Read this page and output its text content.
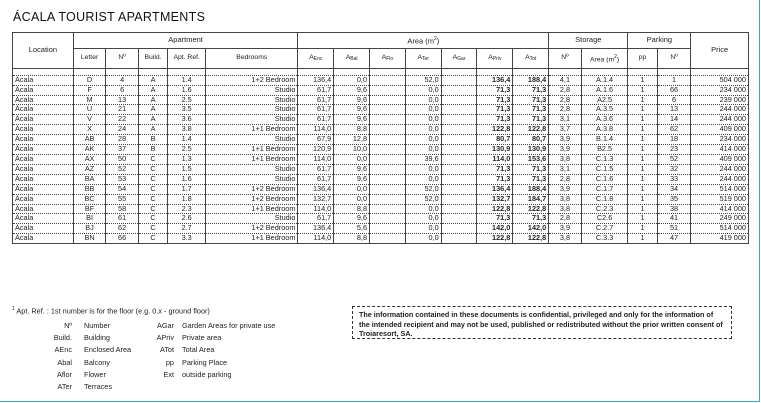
ÁCALA TOURIST APARTMENTS
Location	Apartment					Area $(m^2)$							Storage		Parking		Price
	Letter	Nº	Build.	Apt. Ref.	Bedrooms	$A_{Enc}$	$A_{Bal}$	$A_{Flo}$	$A_{Ter}$	$A_{Gar}$	$A_{Priv}$	$A_{Tot}$	Nº	Area $(m^2)$	pp	Nº	

Ácala	D	4	A	1.4	1+2 Bedroom	136,4	0,0		52,0		136,4	188,4	4,1	A.1.4	1	1	504 000
Ácala	F	6	A	1.6	Studio	61,7	9,6		0,0		71,3	71,3	2,8	A.1.6	1	66	234 000
Ácala	M	13	A	2.5	Studio	61,7	9,6		0,0		71,3	71,3	2,8	A2.5	1	6	239 000
Ácala	U	21	A	3.5	Studio	61,7	9,6		0,0		71,3	71,3	2,8	A.3.5	1	13	244 000
Ácala	V	22	A	3.6	Studio	61,7	9,6		0,0		71,3	71,3	3,1	A.3.6	1	14	244 000
Ácala	X	24	A	3.8	1+1 Bedroom	114,0	8,8		0,0		122,8	122,8	3,7	A.3.8	1	62	409 000
Ácala	AB	28	B	1.4	Studio	67,9	12,8		0,0		80,7	80,7	3,9	B.1.4	1	18	234 000
Ácala	AK	37	B	2.5	1+1 Bedroom	120,9	10,0		0,0		130,9	130,9	3,9	B2.5	1	23	414 000
Ácala	AX	50	C	1.3	1+1 Bedroom	114,0	0,0		39,6		114,0	153,6	3,8	C.1.3	1	52	409 000
Ácala	AZ	52	C	1.5	Studio	61,7	9,6		0,0		71,3	71,3	3,1	C.1.5	1	32	244 000
Ácala	BA	53	C	1.6	Studio	61,7	9,6		0,0		71,3	71,3	2,8	C.1.6	1	33	244 000
Ácala	BB	54	C	1.7	1+2 Bedroom	136,4	0,0		52,0		136,4	188,4	3,9	C.1.7	1	34	514 000
Ácala	BC	55	C	1.8	1+2 Bedroom	132,7	0,0		52,0		132,7	184,7	3,8	C.1.8	1	35	519 000
Ácala	BF	58	C	2.3	1+1 Bedroom	114,0	8,8		0,0		122,8	122,8	3,8	C.2.3	1	38	414 000
Ácala	BI	61	C	2.6	Studio	61,7	9,6		0,0		71,3	71,3	2,8	C2.6	1	41	249 000
Ácala	BJ	62	C	2.7	1+2 Bedroom	136,4	5,6		0,0		142,0	142,0	3,9	C.2.7	1	51	514 000
Ácala	BN	66	C	3.3	1+1 Bedroom	114,0	8,8		0,0		122,8	122,8	3,8	C.3.3	1	47	419 000
$^1$ Apt. Ref. : 1st number is for the floor (e.g. 0.x - ground floor)
Nº Number	AGar Garden Areas for private use
Build. Building	APriv Private area
AEnc Enclosed Area	ATot Total Area
Abal Balcony	pp Parking Place
Aflor Flower	Ext outside parking
ATer Terraces
The information contained in these documents is confidential, privileged and only for the information of the intended recipient and may not be used, published or redistributed without the prior written consent of Troiaresort, SA.
